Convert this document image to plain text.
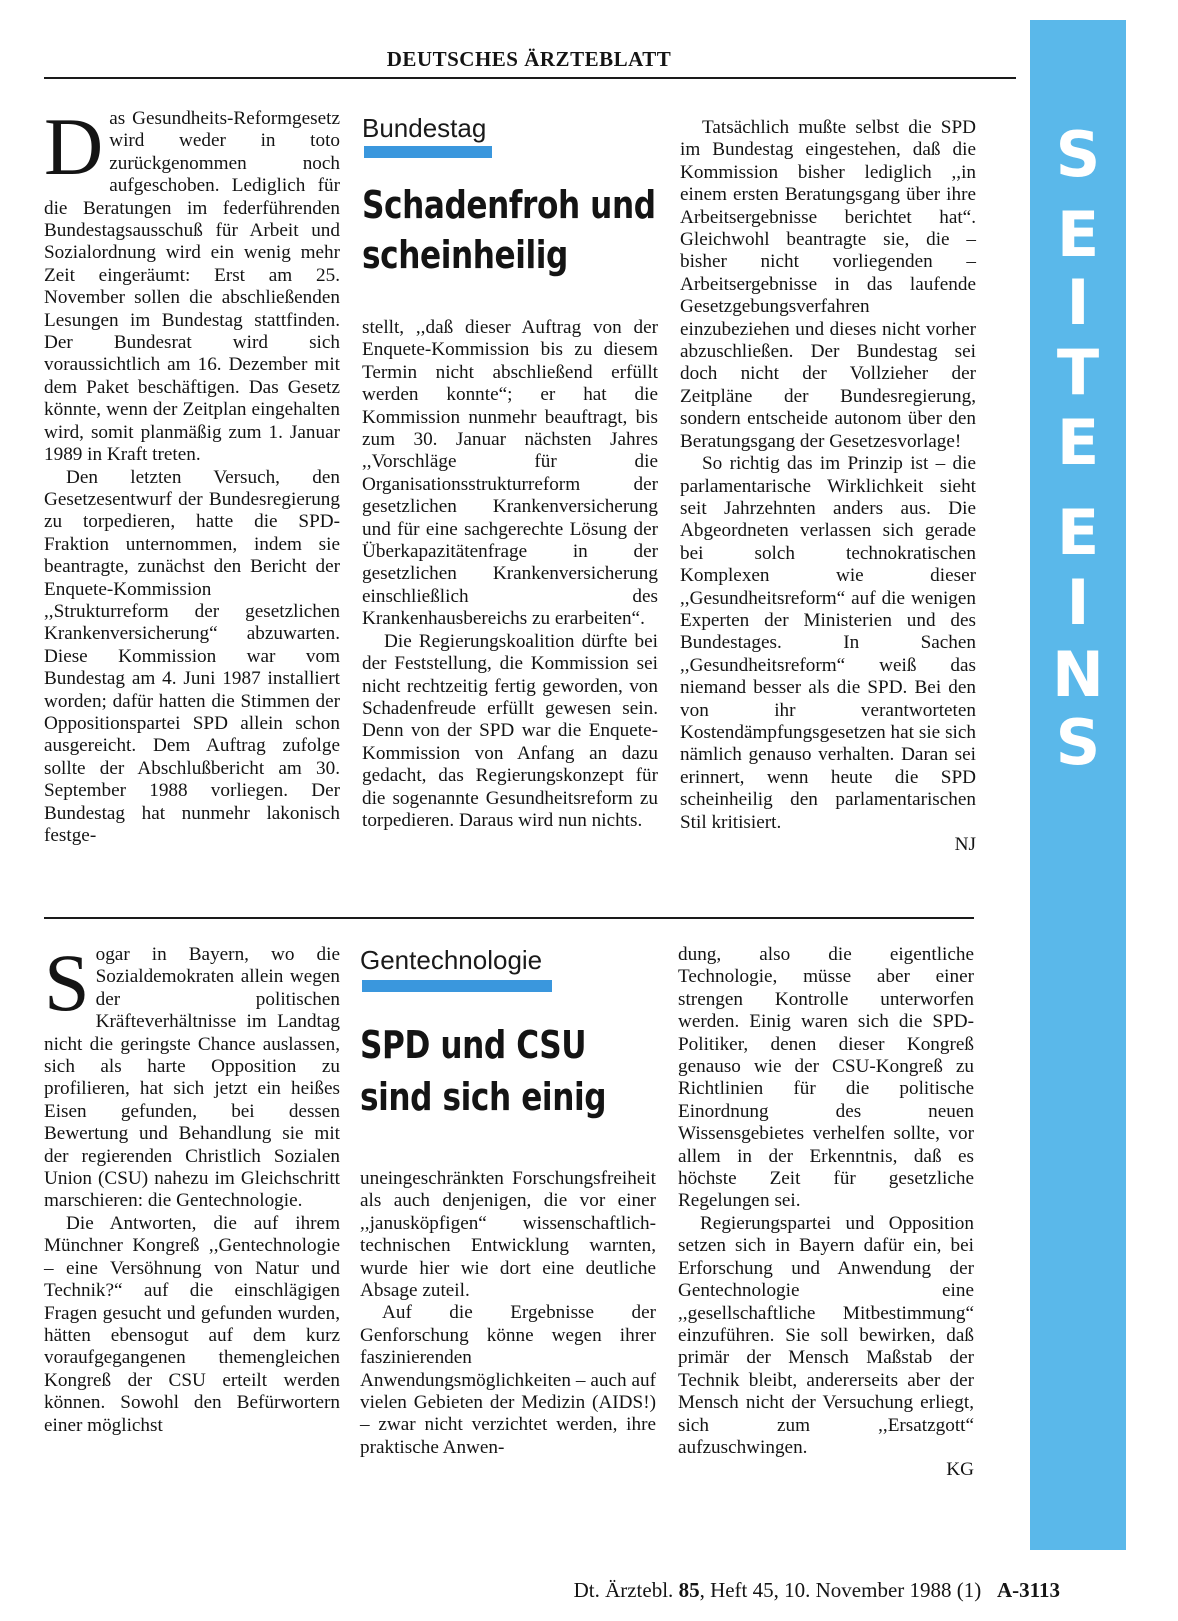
DEUTSCHES ÄRZTEBLATT
S
E
I
T
E
E
I
N
S

Das Gesundheits-Reformgesetz wird weder in toto zurückgenommen noch aufgeschoben. Lediglich für die Beratungen im federführenden Bundestagsausschuß für Arbeit und Sozialordnung wird ein wenig mehr Zeit eingeräumt: Erst am 25. November sollen die abschließenden Lesungen im Bundestag stattfinden. Der Bundesrat wird sich voraussichtlich am 16. Dezember mit dem Paket beschäftigen. Das Gesetz könnte, wenn der Zeitplan eingehalten wird, somit planmäßig zum 1. Januar 1989 in Kraft treten.

Den letzten Versuch, den Gesetzesentwurf der Bundesregierung zu torpedieren, hatte die SPD-Fraktion unternommen, indem sie beantragte, zunächst den Bericht der Enquete-Kommission ,,Strukturreform der gesetzlichen Krankenversicherung“ abzuwarten. Diese Kommission war vom Bundestag am 4. Juni 1987 installiert worden; dafür hatten die Stimmen der Oppositionspartei SPD allein schon ausgereicht. Dem Auftrag zufolge sollte der Abschlußbericht am 30. September 1988 vorliegen. Der Bundestag hat nunmehr lakonisch festge-

Bundestag
Schadenfroh und
scheinheilig

stellt, ,,daß dieser Auftrag von der Enquete-Kommission bis zu diesem Termin nicht abschließend erfüllt werden konnte“; er hat die Kommission nunmehr beauftragt, bis zum 30. Januar nächsten Jahres ,,Vorschläge für die Organisationsstrukturreform der gesetzlichen Krankenversicherung und für eine sachgerechte Lösung der Überkapazitätenfrage in der gesetzlichen Krankenversicherung einschließlich des Krankenhausbereichs zu erarbeiten“.

Die Regierungskoalition dürfte bei der Feststellung, die Kommission sei nicht rechtzeitig fertig geworden, von Schadenfreude erfüllt gewesen sein. Denn von der SPD war die Enquete-Kommission von Anfang an dazu gedacht, das Regierungskonzept für die sogenannte Gesundheitsreform zu torpedieren. Daraus wird nun nichts.

Tatsächlich mußte selbst die SPD im Bundestag eingestehen, daß die Kommission bisher lediglich ,,in einem ersten Beratungsgang über ihre Arbeitsergebnisse berichtet hat“. Gleichwohl beantragte sie, die – bisher nicht vorliegenden – Arbeitsergebnisse in das laufende Gesetzgebungsverfahren einzubeziehen und dieses nicht vorher abzuschließen. Der Bundestag sei doch nicht der Vollzieher der Zeitpläne der Bundesregierung, sondern entscheide autonom über den Beratungsgang der Gesetzesvorlage!

So richtig das im Prinzip ist – die parlamentarische Wirklichkeit sieht seit Jahrzehnten anders aus. Die Abgeordneten verlassen sich gerade bei solch technokratischen Komplexen wie dieser ,,Gesundheitsreform“ auf die wenigen Experten der Ministerien und des Bundestages. In Sachen ,,Gesundheitsreform“ weiß das niemand besser als die SPD. Bei den von ihr verantworteten Kostendämpfungsgesetzen hat sie sich nämlich genauso verhalten. Daran sei erinnert, wenn heute die SPD scheinheilig den parlamentarischen Stil kritisiert.

NJ

Sogar in Bayern, wo die Sozialdemokraten allein wegen der politischen Kräfteverhältnisse im Landtag nicht die geringste Chance auslassen, sich als harte Opposition zu profilieren, hat sich jetzt ein heißes Eisen gefunden, bei dessen Bewertung und Behandlung sie mit der regierenden Christlich Sozialen Union (CSU) nahezu im Gleichschritt marschieren: die Gentechnologie.

Die Antworten, die auf ihrem Münchner Kongreß ,,Gentechnologie – eine Versöhnung von Natur und Technik?“ auf die einschlägigen Fragen gesucht und gefunden wurden, hätten ebensogut auf dem kurz voraufgegangenen themengleichen Kongreß der CSU erteilt werden können. Sowohl den Befürwortern einer möglichst

Gentechnologie
SPD und CSU
sind sich einig

uneingeschränkten Forschungsfreiheit als auch denjenigen, die vor einer ,,janusköpfigen“ wissenschaftlich-technischen Entwicklung warnten, wurde hier wie dort eine deutliche Absage zuteil.

Auf die Ergebnisse der Genforschung könne wegen ihrer faszinierenden Anwendungsmöglichkeiten – auch auf vielen Gebieten der Medizin (AIDS!) – zwar nicht verzichtet werden, ihre praktische Anwen-

dung, also die eigentliche Technologie, müsse aber einer strengen Kontrolle unterworfen werden. Einig waren sich die SPD-Politiker, denen dieser Kongreß genauso wie der CSU-Kongreß zu Richtlinien für die politische Einordnung des neuen Wissensgebietes verhelfen sollte, vor allem in der Erkenntnis, daß es höchste Zeit für gesetzliche Regelungen sei.

Regierungspartei und Opposition setzen sich in Bayern dafür ein, bei Erforschung und Anwendung der Gentechnologie eine ,,gesellschaftliche Mitbestimmung“ einzuführen. Sie soll bewirken, daß primär der Mensch Maßstab der Technik bleibt, andererseits aber der Mensch nicht der Versuchung erliegt, sich zum ,,Ersatzgott“ aufzuschwingen.

KG
Dt. Ärztebl. 85, Heft 45, 10. November 1988 (1) A-3113
